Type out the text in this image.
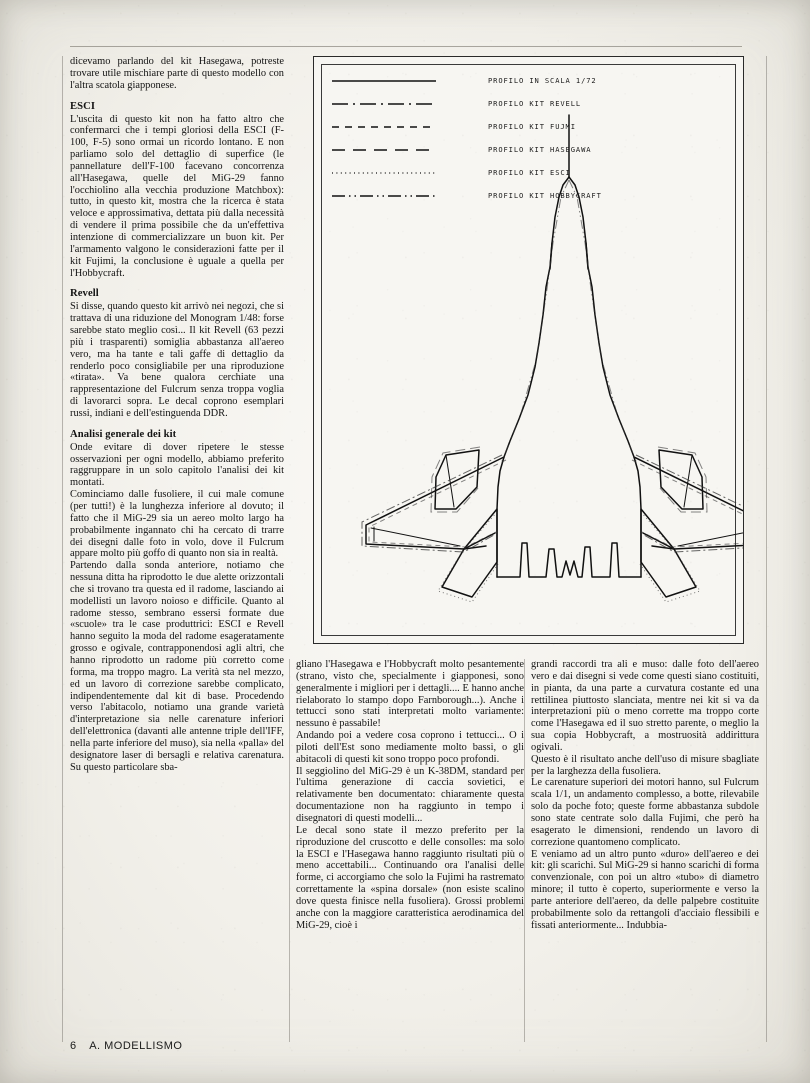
dicevamo parlando del kit Hasegawa, potreste trovare utile mischiare parte di questo modello con l'altra scatola giapponese.

ESCI

L'uscita di questo kit non ha fatto altro che confermarci che i tempi gloriosi della ESCI (F-100, F-5) sono ormai un ricordo lontano. E non parliamo solo del dettaglio di superfice (le pannellature dell'F-100 facevano concorrenza all'Hasegawa, quelle del MiG-29 fanno l'occhiolino alla vecchia produzione Matchbox): tutto, in questo kit, mostra che la ricerca è stata veloce e approssimativa, dettata più dalla necessità di vendere il prima possibile che da un'effettiva intenzione di commercializzare un buon kit. Per l'armamento valgono le considerazioni fatte per il kit Fujimi, la conclusione è uguale a quella per l'Hobbycraft.

Revell

Si disse, quando questo kit arrivò nei negozi, che si trattava di una riduzione del Monogram 1/48: forse sarebbe stato meglio così... Il kit Revell (63 pezzi più i trasparenti) somiglia abbastanza all'aereo vero, ma ha tante e tali gaffe di dettaglio da renderlo poco consigliabile per una riproduzione «tirata». Va bene qualora cerchiate una rappresentazione del Fulcrum senza troppa voglia di lavorarci sopra. Le decal coprono esemplari russi, indiani e dell'estinguenda DDR.

Analisi generale dei kit

Onde evitare di dover ripetere le stesse osservazioni per ogni modello, abbiamo preferito raggruppare in un solo capitolo l'analisi dei kit montati.

Cominciamo dalle fusoliere, il cui male comune (per tutti!) è la lunghezza inferiore al dovuto; il fatto che il MiG-29 sia un aereo molto largo ha probabilmente ingannato chi ha cercato di trarre dei disegni dalle foto in volo, dove il Fulcrum appare molto più goffo di quanto non sia in realtà.

Partendo dalla sonda anteriore, notiamo che nessuna ditta ha riprodotto le due alette orizzontali che si trovano tra questa ed il radome, lasciando ai modellisti un lavoro noioso e difficile. Quanto al radome stesso, sembrano essersi formate due «scuole» tra le case produttrici: ESCI e Revell hanno seguito la moda del radome esageratamente grosso e ogivale, contrapponendosi agli altri, che hanno riprodotto un radome più corretto come forma, ma troppo magro. La verità sta nel mezzo, ed un lavoro di correzione sarebbe complicato, indipendentemente dal kit di base. Procedendo verso l'abitacolo, notiamo una grande varietà d'interpretazione sia nelle carenature inferiori dell'elettronica (davanti alle antenne triple dell'IFF, nella parte inferiore del muso), sia nella «palla» del designatore laser di bersagli e relativa carenatura. Su questo particolare sba-

PROFILO IN SCALA 1/72
PROFILO KIT REVELL
PROFILO KIT FUJMI
PROFILO KIT HASEGAWA
PROFILO KIT ESCI
PROFILO KIT HOBBYCRAFT

gliano l'Hasegawa e l'Hobbycraft molto pesantemente (strano, visto che, specialmente i giapponesi, sono generalmente i migliori per i dettagli.... E hanno anche rielaborato lo stampo dopo Farnborough...). Anche i tettucci sono stati interpretati molto variamente: nessuno è passabile!

Andando poi a vedere cosa coprono i tettucci... O i piloti dell'Est sono mediamente molto bassi, o gli abitacoli di questi kit sono troppo poco profondi.

Il seggiolino del MiG-29 è un K-38DM, standard per l'ultima generazione di caccia sovietici, e relativamente ben documentato: chiaramente questa documentazione non ha raggiunto in tempo i disegnatori di questi modelli...

Le decal sono state il mezzo preferito per la riproduzione del cruscotto e delle consolles: ma solo la ESCI e l'Hasegawa hanno raggiunto risultati più o meno accettabili... Continuando ora l'analisi delle forme, ci accorgiamo che solo la Fujimi ha rastremato correttamente la «spina dorsale» (non esiste scalino dove questa finisce nella fusoliera). Grossi problemi anche con la maggiore caratteristica aerodinamica del MiG-29, cioè i

grandi raccordi tra ali e muso: dalle foto dell'aereo vero e dai disegni si vede come questi siano costituiti, in pianta, da una parte a curvatura costante ed una rettilinea piuttosto slanciata, mentre nei kit si va da interpretazioni più o meno corrette ma troppo corte come l'Hasegawa ed il suo stretto parente, o meglio la sua copia Hobbycraft, a mostruosità addirittura ogivali.

Questo è il risultato anche dell'uso di misure sbagliate per la larghezza della fusoliera.

Le carenature superiori dei motori hanno, sul Fulcrum scala 1/1, un andamento complesso, a botte, rilevabile solo da poche foto; queste forme abbastanza subdole sono state centrate solo dalla Fujimi, che però ha esagerato le dimensioni, rendendo un lavoro di correzione quantomeno complicato.

E veniamo ad un altro punto «duro» dell'aereo e dei kit: gli scarichi. Sul MiG-29 si hanno scarichi di forma convenzionale, con poi un altro «tubo» di diametro minore; il tutto è coperto, superiormente e verso la parte anteriore dell'aereo, da delle palpebre costituite probabilmente solo da rettangoli d'acciaio flessibili e fissati anteriormente... Indubbia-

6 A. MODELLISMO
